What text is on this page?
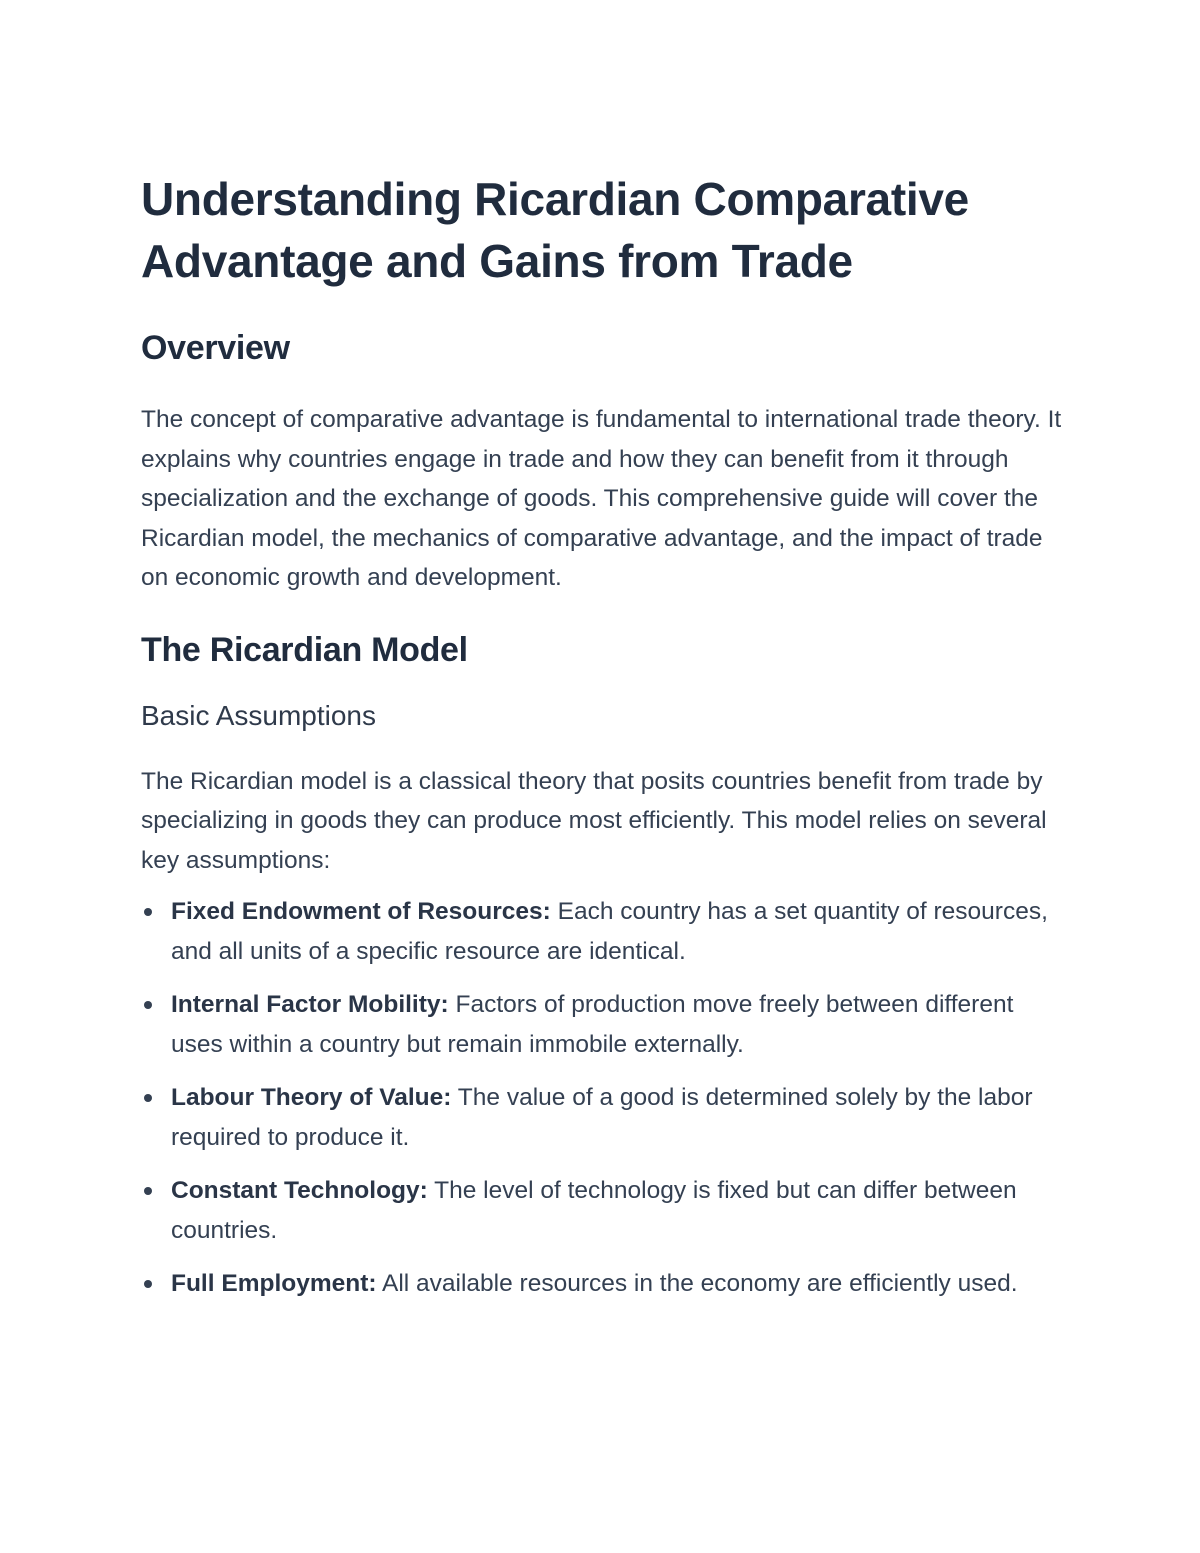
Understanding Ricardian Comparative Advantage and Gains from Trade
Overview

The concept of comparative advantage is fundamental to international trade theory. It explains why countries engage in trade and how they can benefit from it through specialization and the exchange of goods. This comprehensive guide will cover the Ricardian model, the mechanics of comparative advantage, and the impact of trade on economic growth and development.

The Ricardian Model
Basic Assumptions

The Ricardian model is a classical theory that posits countries benefit from trade by specializing in goods they can produce most efficiently. This model relies on several key assumptions:

Fixed Endowment of Resources: Each country has a set quantity of resources, and all units of a specific resource are identical.
Internal Factor Mobility: Factors of production move freely between different uses within a country but remain immobile externally.
Labour Theory of Value: The value of a good is determined solely by the labor required to produce it.
Constant Technology: The level of technology is fixed but can differ between countries.
Full Employment: All available resources in the economy are efficiently used.
